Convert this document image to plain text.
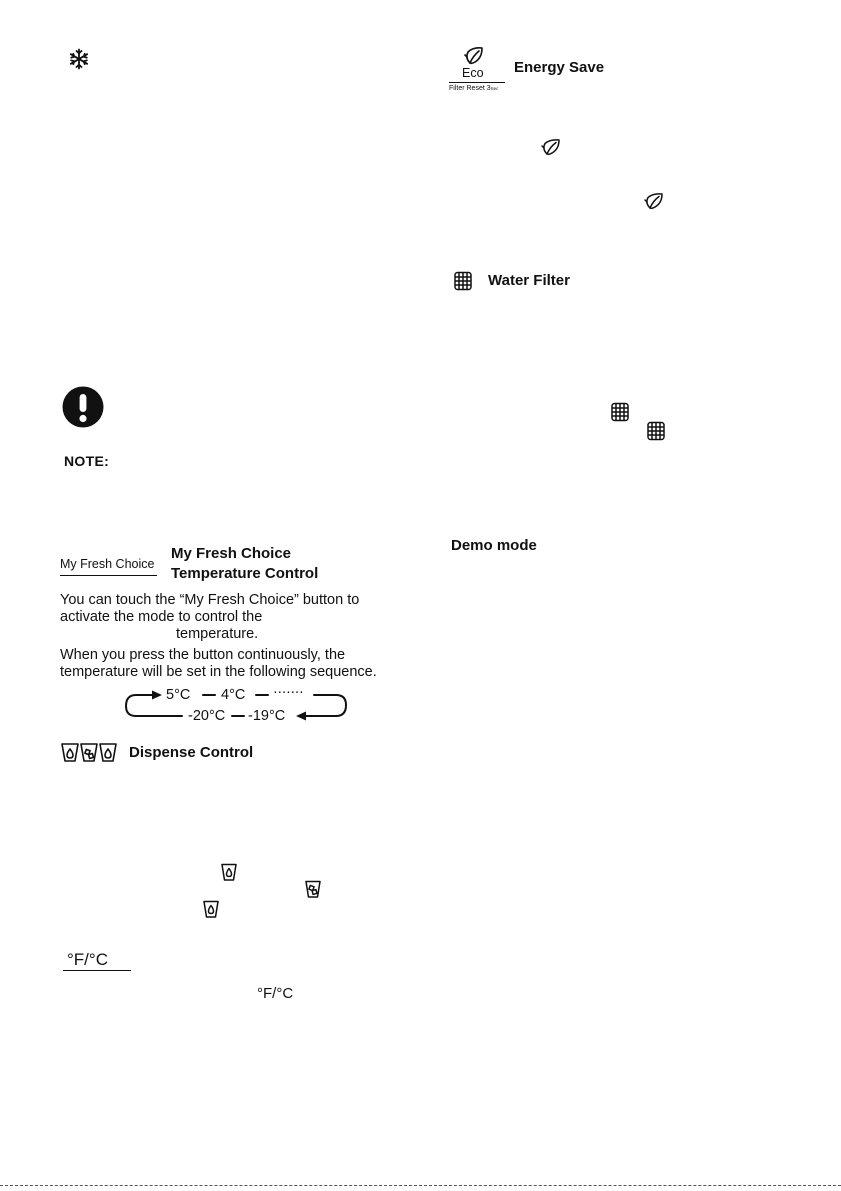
NOTE:
My Fresh Choice
My Fresh Choice
Temperature Control
You can touch the “My Fresh Choice” button to
activate the mode to control the
temperature.
When you press the button continuously, the
temperature will be set in the following sequence.
5°C 4°C ·······
-20°C -19°C
Dispense Control
°F/°C
°F/°C
Eco
Filter Reset 3Sec
Energy Save
Water Filter
Demo mode
